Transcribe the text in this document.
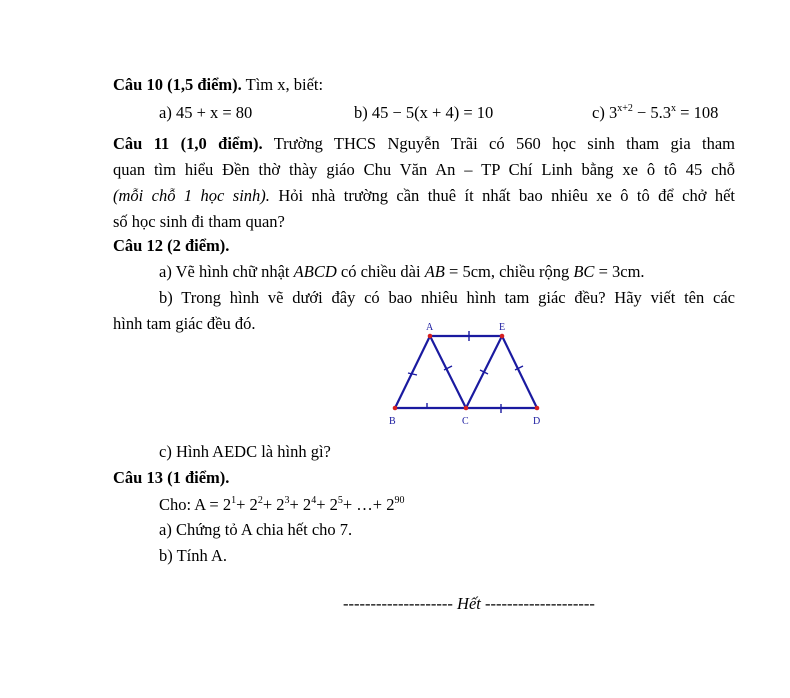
Câu 10 (1,5 điểm). Tìm x, biết:
a) 45 + x = 80	b) 45 − 5(x + 4) = 10	c) $3^{x+2} - 5.3^x = 108$
Câu 11 (1,0 điểm). Trường THCS Nguyễn Trãi có 560 học sinh tham gia tham
quan tìm hiểu Đền thờ thày giáo Chu Văn An – TP Chí Linh bằng xe ô tô 45 chỗ
(mỗi chỗ 1 học sinh). Hỏi nhà trường cần thuê ít nhất bao nhiêu xe ô tô để chở hết
số học sinh đi tham quan?
Câu 12 (2 điểm).
a) Vẽ hình chữ nhật ABCD có chiều dài AB = 5cm, chiều rộng BC = 3cm.
b) Trong hình vẽ dưới đây có bao nhiêu hình tam giác đều? Hãy viết tên các
hình tam giác đều đó.	A	E
B	C	D
c) Hình AEDC là hình gì?
Câu 13 (1 điểm).
Cho: $A = 2^1+ 2^2+ 2^3+ 2^4+ 2^5+$ …+ $2^{90}$
a) Chứng tỏ A chia hết cho 7.
b) Tính A.
-------------------- Hết --------------------
